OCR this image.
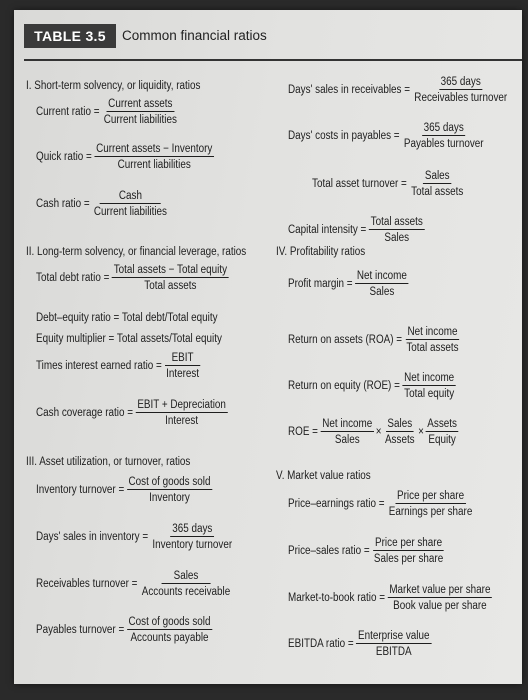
TABLE 3.5	Common financial ratios
I. Short-term solvency, or liquidity, ratios
Current ratio = $\frac{\text{Current assets}}{\text{Current liabilities}}$
Quick ratio = $\frac{\text{Current assets − Inventory}}{\text{Current liabilities}}$
Cash ratio = $\frac{\text{Cash}}{\text{Current liabilities}}$
II. Long-term solvency, or financial leverage, ratios
Total debt ratio = $\frac{\text{Total assets − Total equity}}{\text{Total assets}}$
Debt–equity ratio = Total debt/Total equity
Equity multiplier = Total assets/Total equity
Times interest earned ratio = $\frac{\text{EBIT}}{\text{Interest}}$
Cash coverage ratio = $\frac{\text{EBIT + Depreciation}}{\text{Interest}}$
III. Asset utilization, or turnover, ratios
Inventory turnover = $\frac{\text{Cost of goods sold}}{\text{Inventory}}$
Days' sales in inventory = $\frac{\text{365 days}}{\text{Inventory turnover}}$
Receivables turnover = $\frac{\text{Sales}}{\text{Accounts receivable}}$
Payables turnover = $\frac{\text{Cost of goods sold}}{\text{Accounts payable}}$
Days' sales in receivables = $\frac{\text{365 days}}{\text{Receivables turnover}}$
Days' costs in payables = $\frac{\text{365 days}}{\text{Payables turnover}}$
Total asset turnover = $\frac{\text{Sales}}{\text{Total assets}}$
Capital intensity = $\frac{\text{Total assets}}{\text{Sales}}$
IV. Profitability ratios
Profit margin = $\frac{\text{Net income}}{\text{Sales}}$
Return on assets $(ROA) = \frac{\text{Net income}}{\text{Total assets}}$
Return on equity $(ROE) = \frac{\text{Net income}}{\text{Total equity}}$
ROE = $\frac{\text{Net income}}{\text{Sales}} \times \frac{\text{Sales}}{\text{Assets}} \times \frac{\text{Assets}}{\text{Equity}}$
V. Market value ratios
Price–earnings ratio = $\frac{\text{Price per share}}{\text{Earnings per share}}$
Price–sales ratio = $\frac{\text{Price per share}}{\text{Sales per share}}$
Market-to-book ratio = $\frac{\text{Market value per share}}{\text{Book value per share}}$
EBITDA ratio = $\frac{\text{Enterprise value}}{\text{EBITDA}}$
